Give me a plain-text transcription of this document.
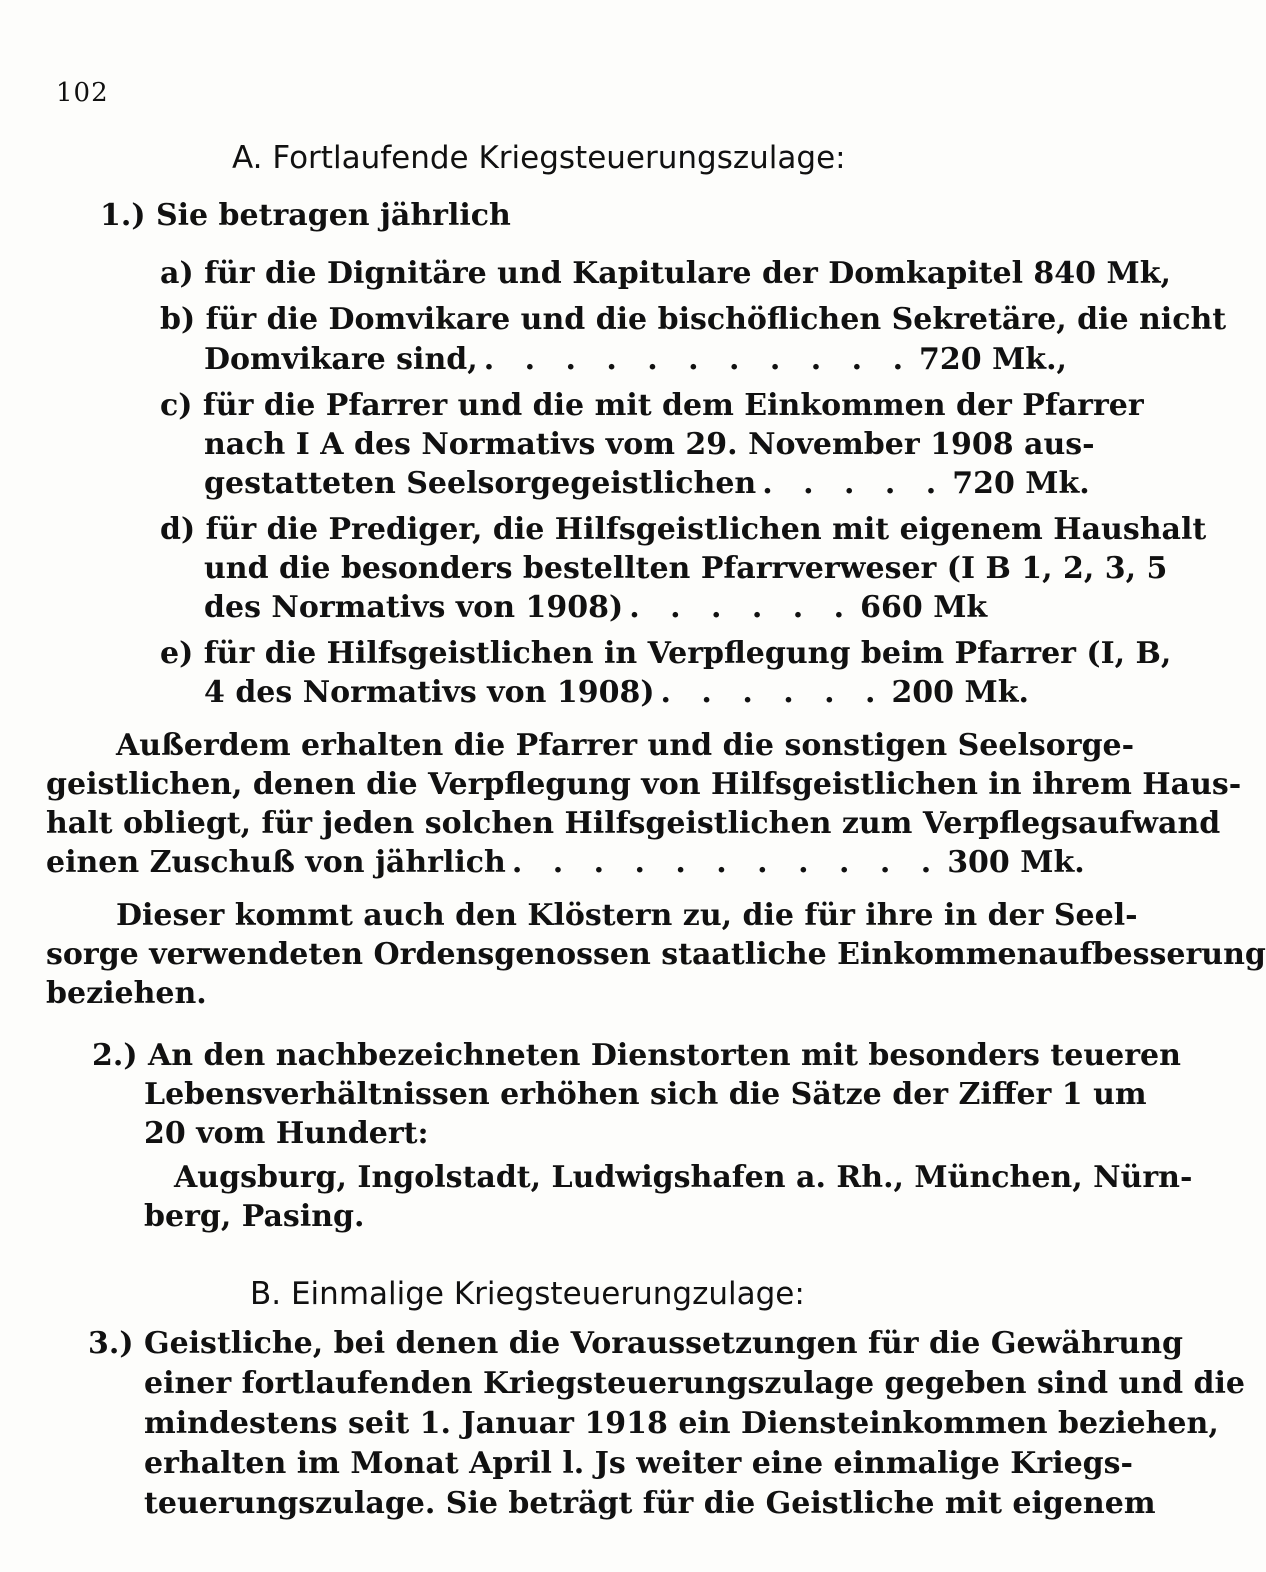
102
A. Fortlaufende Kriegsteuerungszulage:
1.) Sie betragen jährlich
a) für die Dignitäre und Kapitulare der Domkapitel 840 Mk,
b) für die Domvikare und die bischöflichen Sekretäre, die nicht
Domvikare sind, . . . . . . . . . . . 720 Mk.,
c) für die Pfarrer und die mit dem Einkommen der Pfarrer
nach I A des Normativs vom 29. November 1908 aus-
gestatteten Seelsorgegeistlichen . . . . . 720 Mk.
d) für die Prediger, die Hilfsgeistlichen mit eigenem Haushalt
und die besonders bestellten Pfarrverweser (I B 1, 2, 3, 5
des Normativs von 1908) . . . . . . 660 Mk
e) für die Hilfsgeistlichen in Verpflegung beim Pfarrer (I, B,
4 des Normativs von 1908) . . . . . . 200 Mk.
Außerdem erhalten die Pfarrer und die sonstigen Seelsorge-
geistlichen, denen die Verpflegung von Hilfsgeistlichen in ihrem Haus-
halt obliegt, für jeden solchen Hilfsgeistlichen zum Verpflegsaufwand
einen Zuschuß von jährlich . . . . . . . . . . . 300 Mk.
Dieser kommt auch den Klöstern zu, die für ihre in der Seel-
sorge verwendeten Ordensgenossen staatliche Einkommenaufbesserung
beziehen.
2.) An den nachbezeichneten Dienstorten mit besonders teueren
Lebensverhältnissen erhöhen sich die Sätze der Ziffer 1 um
20 vom Hundert:
Augsburg, Ingolstadt, Ludwigshafen a. Rh., München, Nürn-
berg, Pasing.
B. Einmalige Kriegsteuerungzulage:
3.) Geistliche, bei denen die Voraussetzungen für die Gewährung
einer fortlaufenden Kriegsteuerungszulage gegeben sind und die
mindestens seit 1. Januar 1918 ein Diensteinkommen beziehen,
erhalten im Monat April l. Js weiter eine einmalige Kriegs-
teuerungszulage. Sie beträgt für die Geistliche mit eigenem
